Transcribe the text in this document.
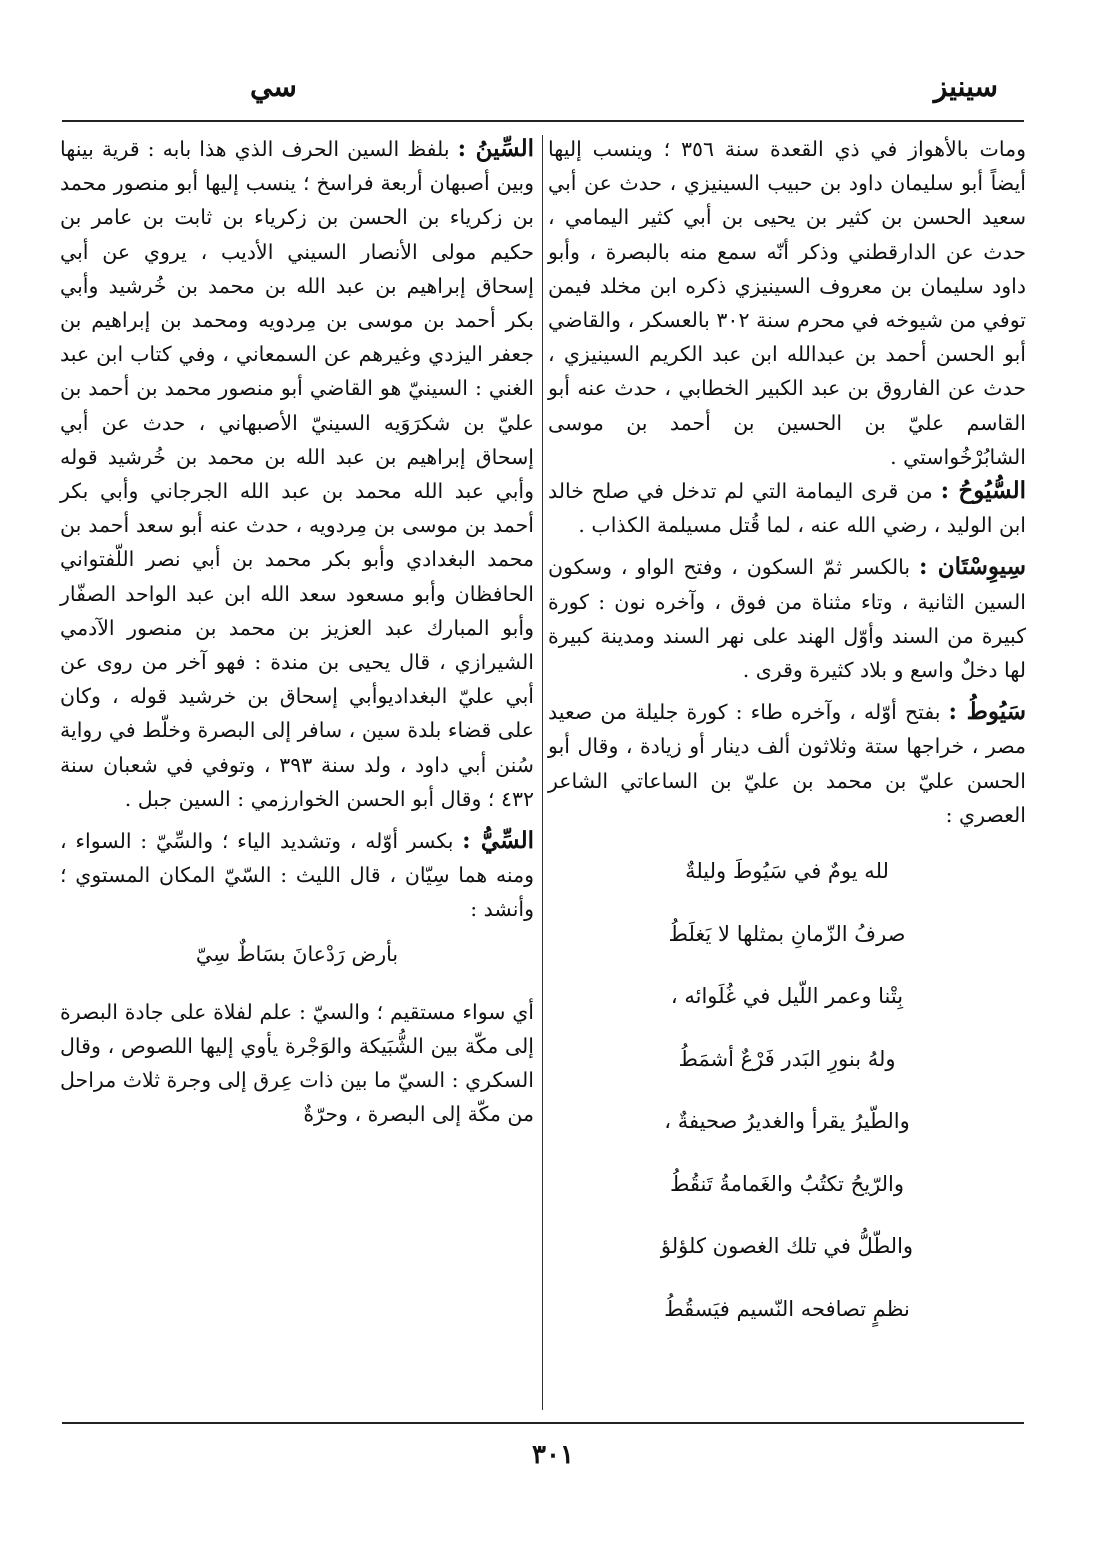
سينيز
سي

ومات بالأهواز في ذي القعدة سنة ٣٥٦ ؛ وينسب إليها أيضاً أبو سليمان داود بن حبيب السينيزي ، حدث عن أبي سعيد الحسن بن كثير بن يحيى بن أبي كثير اليمامي ، حدث عن الدارقطني وذكر أنّه سمع منه بالبصرة ، وأبو داود سليمان بن معروف السينيزي ذكره ابن مخلد فيمن توفي من شيوخه في محرم سنة ٣٠٢ بالعسكر ، والقاضي أبو الحسن أحمد بن عبدالله ابن عبد الكريم السينيزي ، حدث عن الفاروق بن عبد الكبير الخطابي ، حدث عنه أبو القاسم عليّ بن الحسين بن أحمد بن موسى الشابُرْخُواستي .

السُّيُوحُ : من قرى اليمامة التي لم تدخل في صلح خالد ابن الوليد ، رضي الله عنه ، لما قُتل مسيلمة الكذاب .

سِيوِسْتَان : بالكسر ثمّ السكون ، وفتح الواو ، وسكون السين الثانية ، وتاء مثناة من فوق ، وآخره نون : كورة كبيرة من السند وأوّل الهند على نهر السند ومدينة كبيرة لها دخلٌ واسع و بلاد كثيرة وقرى .

سَيُوطُ : بفتح أوّله ، وآخره طاء : كورة جليلة من صعيد مصر ، خراجها ستة وثلاثون ألف دينار أو زيادة ، وقال أبو الحسن عليّ بن محمد بن عليّ بن الساعاتي الشاعر العصري :

لله يومٌ في سَيُوطَ وليلةٌ
صرفُ الزّمانِ بمثلها لا يَغلَطُ
بِتْنا وعمر اللّيل في غُلَوائه ،
ولهُ بنورِ البَدر فَرْعٌ أشمَطُ
والطّيرُ يقرأ والغديرُ صحيفةٌ ،
والرّيحُ تكتُبُ والغَمامةُ تَنقُطُ
والطّلُّ في تلك الغصون كلؤلؤ
نظمٍ تصافحه النّسيم فيَسقُطُ

السِّينُ : بلفظ السين الحرف الذي هذا بابه : قرية بينها وبين أصبهان أربعة فراسخ ؛ ينسب إليها أبو منصور محمد بن زكرياء بن الحسن بن زكرياء بن ثابت بن عامر بن حكيم مولى الأنصار السيني الأديب ، يروي عن أبي إسحاق إبراهيم بن عبد الله بن محمد بن خُرشيد وأبي بكر أحمد بن موسى بن مِردويه ومحمد بن إبراهيم بن جعفر اليزدي وغيرهم عن السمعاني ، وفي كتاب ابن عبد الغني : السينيّ هو القاضي أبو منصور محمد بن أحمد بن عليّ بن شكرَوَيه السينيّ الأصبهاني ، حدث عن أبي إسحاق إبراهيم بن عبد الله بن محمد بن خُرشيد قوله وأبي عبد الله محمد بن عبد الله الجرجاني وأبي بكر أحمد بن موسى بن مِردويه ، حدث عنه أبو سعد أحمد بن محمد البغدادي وأبو بكر محمد بن أبي نصر اللّفتواني الحافظان وأبو مسعود سعد الله ابن عبد الواحد الصفّار وأبو المبارك عبد العزيز بن محمد بن منصور الآدمي الشيرازي ، قال يحيى بن مندة : فهو آخر من روى عن أبي عليّ البغداديوأبي إسحاق بن خرشيد قوله ، وكان على قضاء بلدة سين ، سافر إلى البصرة وخلّط في رواية سُنن أبي داود ، ولد سنة ٣٩٣ ، وتوفي في شعبان سنة ٤٣٢ ؛ وقال أبو الحسن الخوارزمي : السين جبل .

السِّيُّ : بكسر أوّله ، وتشديد الياء ؛ والسِّيّ : السواء ، ومنه هما سِيّان ، قال الليث : السّيّ المكان المستوي ؛ وأنشد :

بأرض رَدْعانَ بسَاطٌ سِيّ

أي سواء مستقيم ؛ والسيّ : علم لفلاة على جادة البصرة إلى مكّة بين الشُّبَيكة والوَجْرة يأوي إليها اللصوص ، وقال السكري : السيّ ما بين ذات عِرق إلى وجرة ثلاث مراحل من مكّة إلى البصرة ، وحرّةٌ

٣٠١
